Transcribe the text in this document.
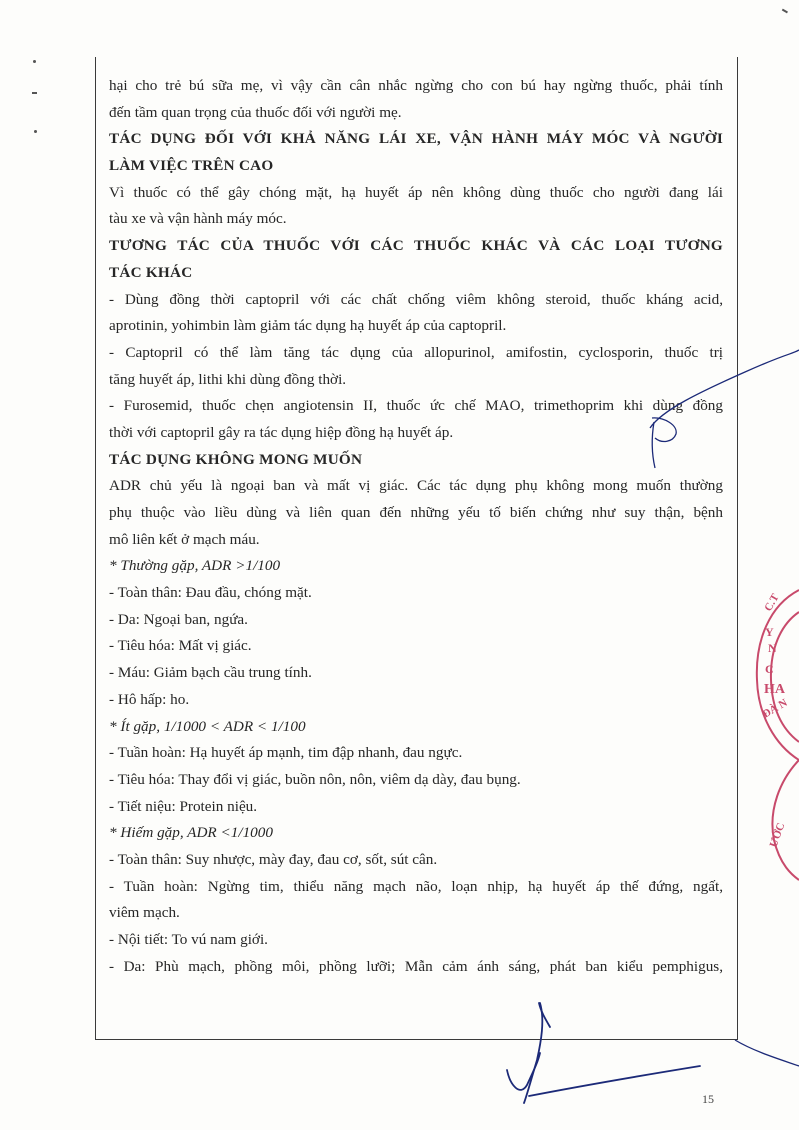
hại cho trẻ bú sữa mẹ, vì vậy cần cân nhắc ngừng cho con bú hay ngừng thuốc, phải tính
đến tầm quan trọng của thuốc đối với người mẹ.
TÁC DỤNG ĐỐI VỚI KHẢ NĂNG LÁI XE, VẬN HÀNH MÁY MÓC VÀ NGƯỜI
LÀM VIỆC TRÊN CAO
Vì thuốc có thể gây chóng mặt, hạ huyết áp nên không dùng thuốc cho người đang lái
tàu xe và vận hành máy móc.
TƯƠNG TÁC CỦA THUỐC VỚI CÁC THUỐC KHÁC VÀ CÁC LOẠI TƯƠNG
TÁC KHÁC
- Dùng đồng thời captopril với các chất chống viêm không steroid, thuốc kháng acid,
aprotinin, yohimbin làm giảm tác dụng hạ huyết áp của captopril.
- Captopril có thể làm tăng tác dụng của allopurinol, amifostin, cyclosporin, thuốc trị
tăng huyết áp, lithi khi dùng đồng thời.
- Furosemid, thuốc chẹn angiotensin II, thuốc ức chế MAO, trimethoprim khi dùng đồng
thời với captopril gây ra tác dụng hiệp đồng hạ huyết áp.
TÁC DỤNG KHÔNG MONG MUỐN
ADR chủ yếu là ngoại ban và mất vị giác. Các tác dụng phụ không mong muốn thường
phụ thuộc vào liều dùng và liên quan đến những yếu tố biến chứng như suy thận, bệnh
mô liên kết ở mạch máu.
* Thường gặp, ADR >1/100
- Toàn thân: Đau đầu, chóng mặt.
- Da: Ngoại ban, ngứa.
- Tiêu hóa: Mất vị giác.
- Máu: Giảm bạch cầu trung tính.
- Hô hấp: ho.
* Ít gặp, 1/1000 < ADR < 1/100
- Tuần hoàn: Hạ huyết áp mạnh, tim đập nhanh, đau ngực.
- Tiêu hóa: Thay đổi vị giác, buồn nôn, nôn, viêm dạ dày, đau bụng.
- Tiết niệu: Protein niệu.
* Hiếm gặp, ADR <1/1000
- Toàn thân: Suy nhược, mày đay, đau cơ, sốt, sút cân.
- Tuần hoàn: Ngừng tim, thiểu năng mạch não, loạn nhịp, hạ huyết áp thế đứng, ngất,
viêm mạch.
- Nội tiết: To vú nam giới.
- Da: Phù mạch, phồng môi, phồng lưỡi; Mẫn cảm ánh sáng, phát ban kiểu pemphigus,
C.T
Y
N
C
HA
ĐÀ N
ƯỚC
15
